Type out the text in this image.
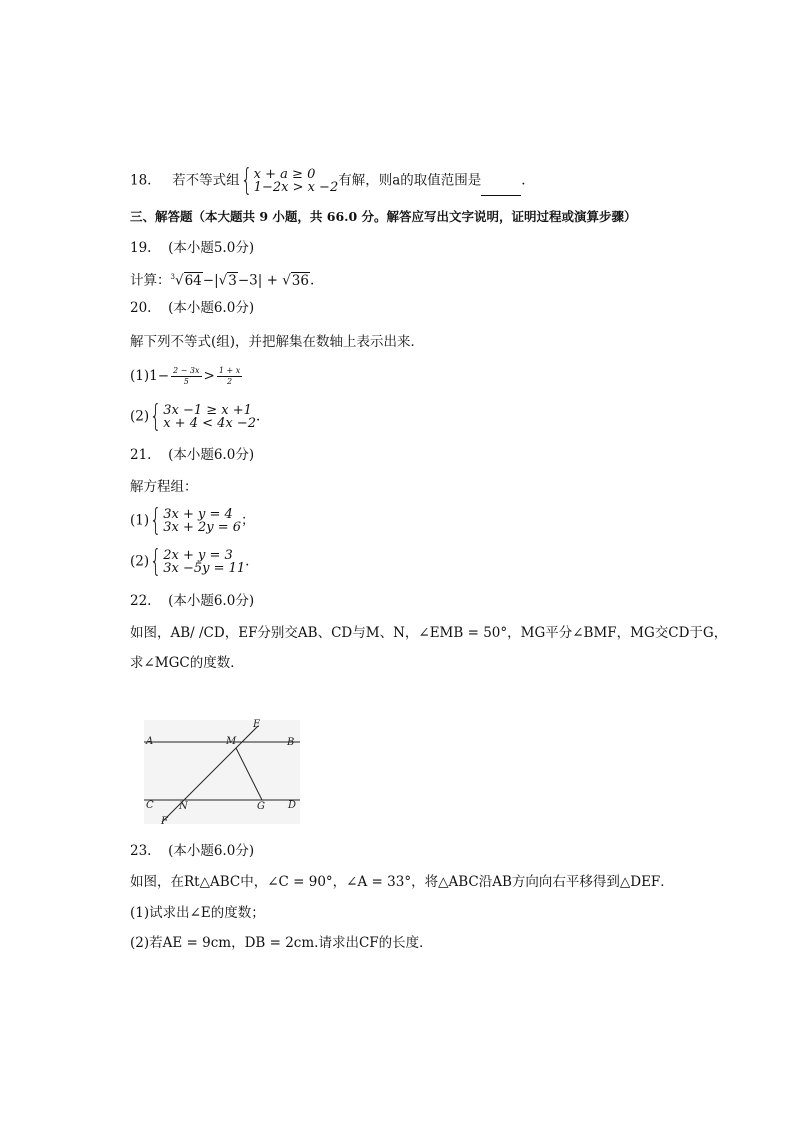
18. 若不等式组 { x + a ≥ 0
1−2x > x −2 有解，则a的取值范围是	.
三、解答题（本大题共 9 小题，共 66.0 分。解答应写出文字说明，证明过程或演算步骤）
19. (本小题5.0分)
计算：$^3$√64−|√3−3| + √36.
20. (本小题6.0分)
解下列不等式(组)，并把解集在数轴上表示出来．
$(1)1- \frac{2 - 3x}{5} > \frac{1 + x}{2}$
(2) { 3x −1 ≥ x +1
x + 4 < 4x −2 .
21. (本小题6.0分)
解方程组：
(1) { 3x + y = 4
3x + 2y = 6 ；
(2) { 2x + y = 3
3x −5y = 11 .
22. (本小题6.0分)
如图，AB/ /CD，EF分别交AB、CD与M、N，∠EMB = 50°，MG平分∠BMF，MG交CD于G，
求∠MGC的度数．
A	B
C	D
E
F
M
N	G
23. (本小题6.0分)
如图，在Rt△ABC中，∠C = 90°，∠A = 33°，将△ABC沿AB方向向右平移得到△DEF．
(1)试求出∠E的度数；
(2)若AE = 9cm，DB = 2cm.请求出CF的长度．
